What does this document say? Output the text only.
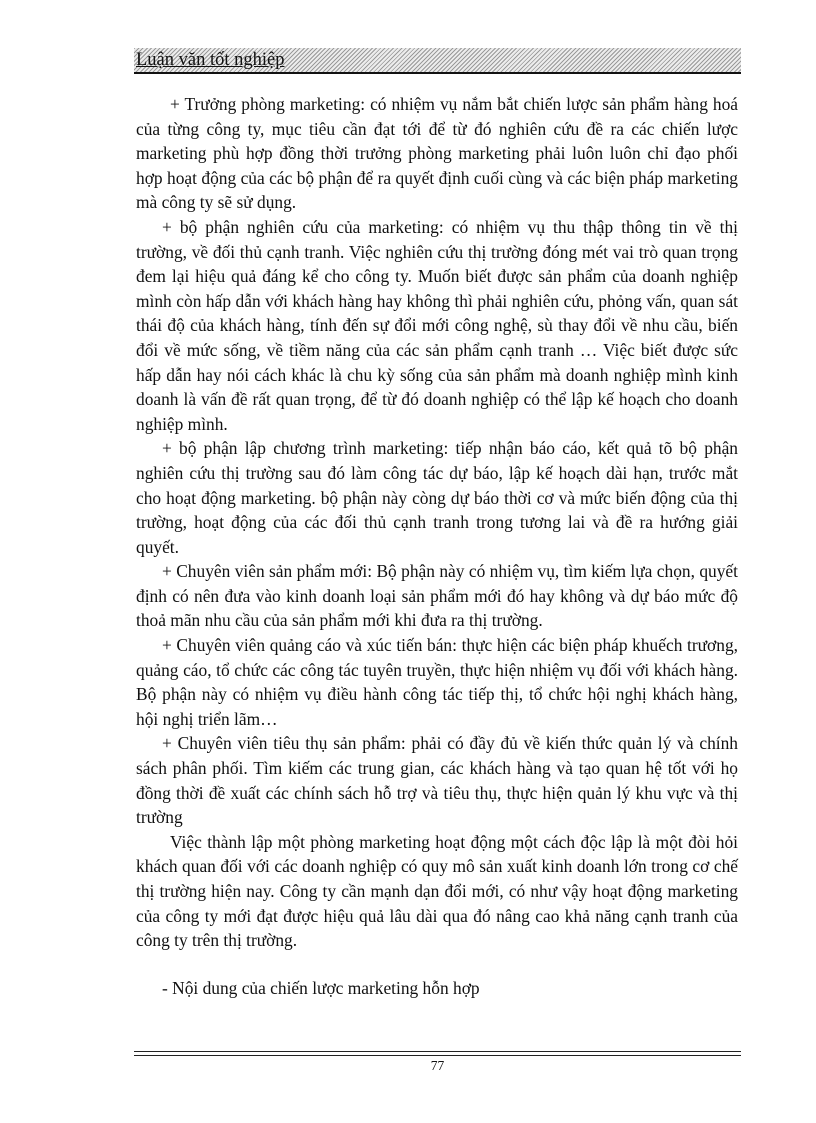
Luận văn tốt nghiệp

+ Trưởng phòng marketing: có nhiệm vụ nắm bắt chiến lược sản phẩm hàng hoá của từng công ty, mục tiêu cần đạt tới để từ đó nghiên cứu đề ra các chiến lược marketing phù hợp đồng thời trưởng phòng marketing phải luôn luôn chỉ đạo phối hợp hoạt động của các bộ phận để ra quyết định cuối cùng và các biện pháp marketing mà công ty sẽ sử dụng.

+ bộ phận nghiên cứu của marketing: có nhiệm vụ thu thập thông tin về thị trường, về đối thủ cạnh tranh. Việc nghiên cứu thị trường đóng mét vai trò quan trọng đem lại hiệu quả đáng kể cho công ty. Muốn biết được sản phẩm của doanh nghiệp mình còn hấp dẫn với khách hàng hay không thì phải nghiên cứu, phỏng vấn, quan sát thái độ của khách hàng, tính đến sự đổi mới công nghệ, sù thay đổi về nhu cầu, biến đổi về mức sống, về tiềm năng của các sản phẩm cạnh tranh … Việc biết được sức hấp dẫn hay nói cách khác là chu kỳ sống của sản phẩm mà doanh nghiệp mình kinh doanh là vấn đề rất quan trọng, để từ đó doanh nghiệp có thể lập kế hoạch cho doanh nghiệp mình.

+ bộ phận lập chương trình marketing: tiếp nhận báo cáo, kết quả tõ bộ phận nghiên cứu thị trường sau đó làm công tác dự báo, lập kế hoạch dài hạn, trước mắt cho hoạt động marketing. bộ phận này còng dự báo thời cơ và mức biến động của thị trường, hoạt động của các đối thủ cạnh tranh trong tương lai và đề ra hướng giải quyết.

+ Chuyên viên sản phẩm mới: Bộ phận này có nhiệm vụ, tìm kiếm lựa chọn, quyết định có nên đưa vào kinh doanh loại sản phẩm mới đó hay không và dự báo mức độ thoả mãn nhu cầu của sản phẩm mới khi đưa ra thị trường.

+ Chuyên viên quảng cáo và xúc tiến bán: thực hiện các biện pháp khuếch trương, quảng cáo, tổ chức các công tác tuyên truyền, thực hiện nhiệm vụ đối với khách hàng. Bộ phận này có nhiệm vụ điều hành công tác tiếp thị, tổ chức hội nghị khách hàng, hội nghị triển lãm…

+ Chuyên viên tiêu thụ sản phẩm: phải có đầy đủ về kiến thức quản lý và chính sách phân phối. Tìm kiếm các trung gian, các khách hàng và tạo quan hệ tốt với họ đồng thời đề xuất các chính sách hỗ trợ và tiêu thụ, thực hiện quản lý khu vực và thị trường

Việc thành lập một phòng marketing hoạt động một cách độc lập là một đòi hỏi khách quan đối với các doanh nghiệp có quy mô sản xuất kinh doanh lớn trong cơ chế thị trường hiện nay. Công ty cần mạnh dạn đổi mới, có như vậy hoạt động marketing của công ty mới đạt được hiệu quả lâu dài qua đó nâng cao khả năng cạnh tranh của công ty trên thị trường.

- Nội dung của chiến lược marketing hỗn hợp

77
